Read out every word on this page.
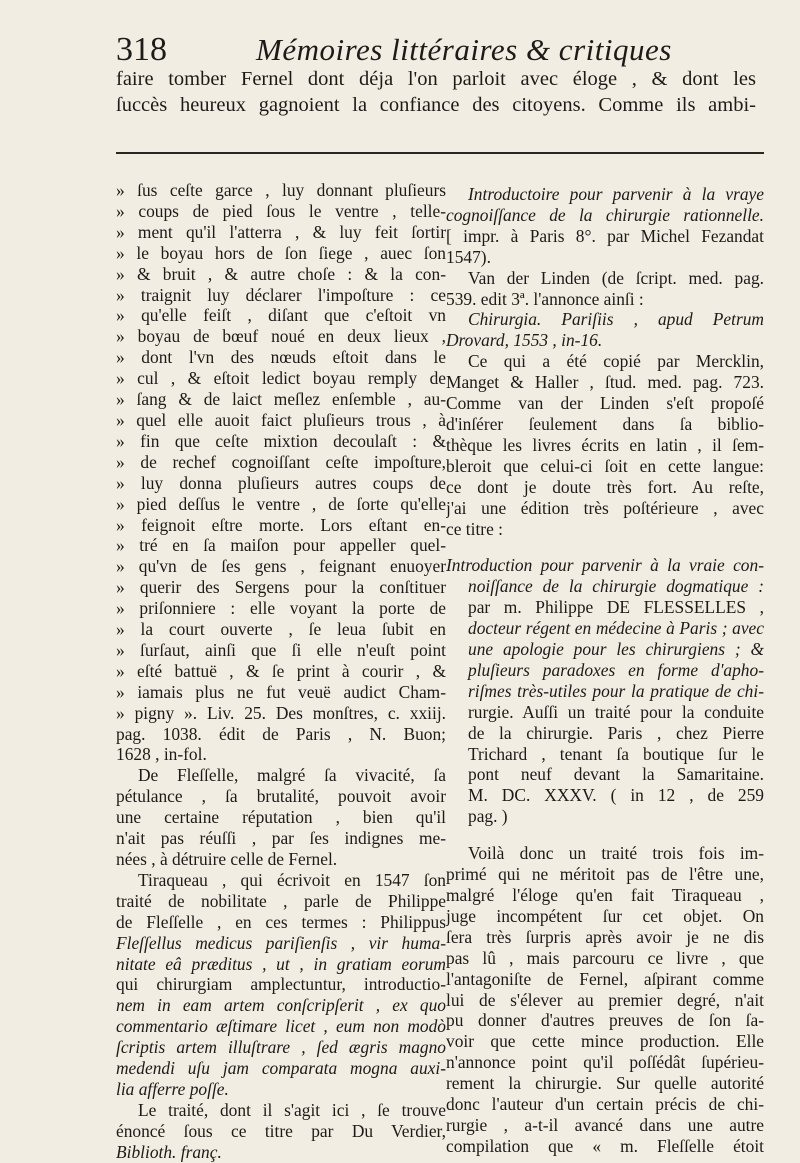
318	Mémoires littéraires & critiques

faire tomber Fernel dont déja l'on parloit avec éloge , & dont les

ſuccès heureux gagnoient la confiance des citoyens. Comme ils ambi-

» ſus ceſte garce , luy donnant pluſieurs
» coups de pied ſous le ventre , telle-
» ment qu'il l'atterra , & luy feit ſortir
» le boyau hors de ſon ſiege , auec ſon
» & bruit , & autre choſe : & la con-
» traignit luy déclarer l'impoſture : ce
» qu'elle feiſt , diſant que c'eſtoit vn
» boyau de bœuf noué en deux lieux ,
» dont l'vn des nœuds eſtoit dans le
» cul , & eſtoit ledict boyau remply de
» ſang & de laict meſlez enſemble , au-
» quel elle auoit faict pluſieurs trous , à
» fin que ceſte mixtion decoulaſt : &
» de rechef cognoiſſant ceſte impoſture,
» luy donna pluſieurs autres coups de
» pied deſſus le ventre , de ſorte qu'elle
» feignoit eſtre morte. Lors eſtant en-
» tré en ſa maiſon pour appeller quel-
» qu'vn de ſes gens , feignant enuoyer
» querir des Sergens pour la conſtituer
» priſonniere : elle voyant la porte de
» la court ouverte , ſe leua ſubit en
» ſurſaut, ainſi que ſi elle n'euſt point
» eſté battuë , & ſe print à courir , &
» iamais plus ne fut veuë audict Cham-
» pigny ». Liv. 25. Des monſtres, c. xxiij.
pag. 1038. édit de Paris , N. Buon;
1628 , in-fol.
De Fleſſelle, malgré ſa vivacité, ſa
pétulance , ſa brutalité, pouvoit avoir
une certaine réputation , bien qu'il
n'ait pas réuſſi , par ſes indignes me-
nées , à détruire celle de Fernel.
Tiraqueau , qui écrivoit en 1547 ſon
traité de nobilitate , parle de Philippe
de Fleſſelle , en ces termes : Philippus
Fleſſellus medicus pariſienſis , vir huma-
nitate eâ præditus , ut , in gratiam eorum
qui chirurgiam amplectuntur, introductio-
nem in eam artem conſcripſerit , ex quo
commentario æſtimare licet , eum non modò
ſcriptis artem illuſtrare , ſed ægris magno
medendi uſu jam comparata mogna auxi-
lia afferre poſſe.
Le traité, dont il s'agit ici , ſe trouve
énoncé ſous ce titre par Du Verdier,
Biblioth. franç.
Introductoire pour parvenir à la vraye
cognoiſſance de la chirurgie rationnelle.
[ impr. à Paris 8°. par Michel Fezandat
1547).
Van der Linden (de ſcript. med. pag.
539. edit 3ª. l'annonce ainſi :
Chirurgia. Pariſiis , apud Petrum
Drovard, 1553 , in-16.
Ce qui a été copié par Mercklin,
Manget & Haller , ſtud. med. pag. 723.
Comme van der Linden s'eſt propoſé
d'inſérer ſeulement dans ſa biblio-
thèque les livres écrits en latin , il ſem-
bleroit que celui-ci ſoit en cette langue:
ce dont je doute très fort. Au reſte,
j'ai une édition très poſtérieure , avec
ce titre :
Introduction pour parvenir à la vraie con-
noiſſance de la chirurgie dogmatique :
par m. Philippe DE FLESSELLES ,
docteur régent en médecine à Paris ; avec
une apologie pour les chirurgiens ; &
pluſieurs paradoxes en forme d'apho-
riſmes très-utiles pour la pratique de chi-
rurgie. Auſſi un traité pour la conduite
de la chirurgie. Paris , chez Pierre
Trichard , tenant ſa boutique ſur le
pont neuf devant la Samaritaine.
M. DC. XXXV. ( in 12 , de 259
pag. )
Voilà donc un traité trois fois im-
primé qui ne méritoit pas de l'être une,
malgré l'éloge qu'en fait Tiraqueau ,
juge incompétent ſur cet objet. On
ſera très ſurpris après avoir je ne dis
pas lû , mais parcouru ce livre , que
l'antagoniſte de Fernel, aſpirant comme
lui de s'élever au premier degré, n'ait
pu donner d'autres preuves de ſon ſa-
voir que cette mince production. Elle
n'annonce point qu'il poſſédât ſupérieu-
rement la chirurgie. Sur quelle autorité
donc l'auteur d'un certain précis de chi-
rurgie , a-t-il avancé dans une autre
compilation que « m. Fleſſelle étoit
